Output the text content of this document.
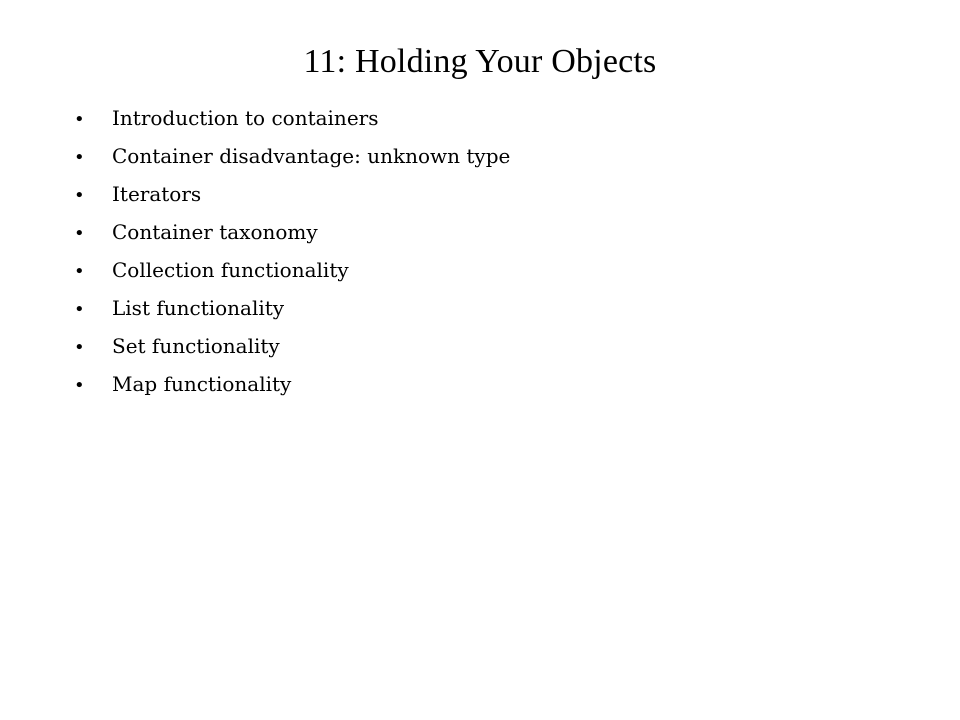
11: Holding Your Objects
•	Introduction to containers
•	Container disadvantage: unknown type
•	Iterators
•	Container taxonomy
•	Collection functionality
•	List functionality
•	Set functionality
•	Map functionality
